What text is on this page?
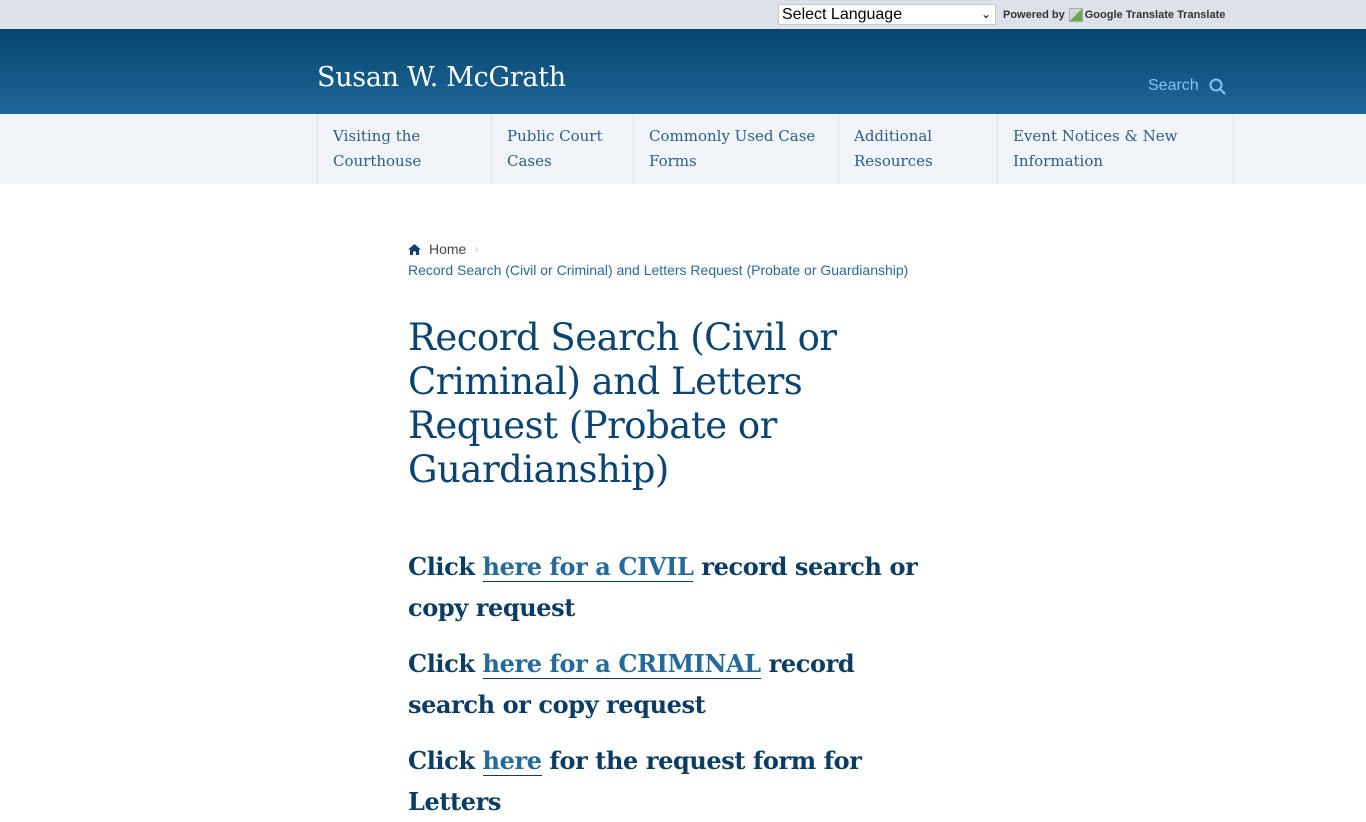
Select Language	⌄ Powered by Google Translate
Translate
Susan W. McGrath	Search
Visiting the
Courthouse
Public Court
Cases
Commonly Used Case
Forms
Additional
Resources
Event Notices & New
Information
Home ›
Record Search (Civil or Criminal) and Letters Request (Probate or Guardianship)
Record Search (Civil or Criminal) and Letters Request (Probate or Guardianship)

Click here for a CIVIL record search or copy request

Click here for a CRIMINAL record search or copy request

Click here for the request form for Letters
